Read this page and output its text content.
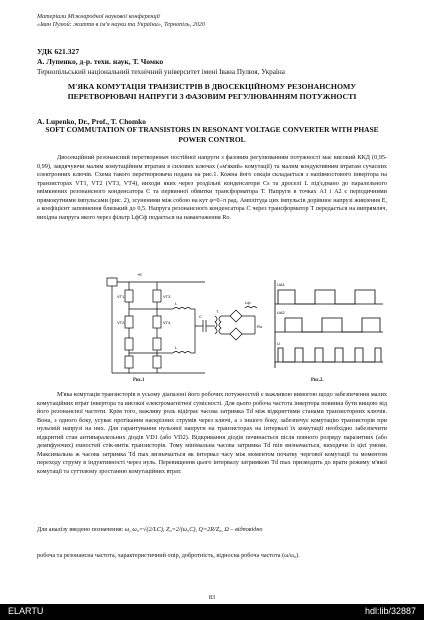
Матеріали Міжнародної наукової конференції
«Іван Пулюй: життя в ім'я науки та України», Тернопіль, 2020
УДК 621.327
А. Лупенко, д-р. техн. наук, Т. Чомко
Тернопільський національний технічний університет імені Івана Пулюя, Україна
М'ЯКА КОМУТАЦІЯ ТРАНЗИСТРІВ В ДВОСЕКЦІЙНОМУ РЕЗОНАНСНОМУ ПЕРЕТВОРЮВАЧІ НАПРУГИ З ФАЗОВИМ РЕГУЛЮВАННЯМ ПОТУЖНОСТІ
A. Lupenko, Dr., Prof., T. Chomko
SOFT COMMUTATION OF TRANSISTORS IN RESONANT VOLTAGE CONVERTER WITH PHASE POWER CONTROL
Двосекційний резонансний перетворювач постійної напруги з фазовим регулюванням потужності має високий ККД (0,95-0,99), завдячуючи малим комутаційним втратам в силових ключах («м'який» комутації) та малим кондуктивним втратам сучасних електронних ключів. Схема такого перетворювача подана на рис.1. Кожна його секція складається з напівмостового інвертора на транзисторах VT1, VT2 (VT3, VT4), виходи яких через роздільні конденсатори Cs та дроселі L під'єднано до паралельного ввімкнених резонансного конденсатора C та первинної обвитки трансформатора T. Напруги в точках A1 і A2 є періодичними прямокутними імпульсами (рис. 2), зсуненими між собою на кут φ=0÷π рад. Амплітуда цих імпульсів дорівнює напрузі живлення E, а коефіцієнт заповнення близький до 0,5. Напруга резонансного конденсатора C через трансформатор T передається на випрямляч, вихідна напруга якого через фільтр LфCф подається на навантаження Ro.
+E
VT1	VT3
VT2	VT4
L
L
C
T
Lф
Ro
UA1
UA2
U
Рис.1	Рис.2.
М'яка комутація транзисторів в усьому діапазоні його робочих потужностей є важливою вимогою щодо забезпечення малих комутаційних втрат інвертора та високої електромагнітної сумісності. Для цього робоча частота інвертора повинна бути вищою від його резонансної частоти. Крім того, важливу роль відіграє часова затримка Td між відкриттями станами транзисторних ключів. Вона, з одного боку, усуває протікання наскрізних струмів через ключі, а з іншого боку, забезпечує комутацію транзисторів при нульовій напрузі на них. Для гарантування нульової напруги на транзисторах на інтервалі їх комутації необхідно забезпечити відкритий стан антипаралельних діодів VD1 (або VD2). Відкривання діодів починається після повного розряду паразитних (або демпфуючих) ємностей стік-витік транзисторів. Тому мінімальна часова затримка Td min визначається, виходячи із цієї умови. Максимальна ж часова затримка Td max визначається як інтервал часу між моментом початку чергової комутації та моментом переходу струму в індуктивності через нуль. Перевищення цього інтервалу затримкою Td max призводить до врати режиму м'якої комутації та суттєвому зростанню комутаційних втрат.
Для аналізу введено позначення: ω, ω₀=√(2/LC), Z₀=2/(ω₀C), Q=2R/Z₀, Ω – відповідно
робоча та резонансна частота, характеристичний опір, добротність, відносна робоча частота (ω/ω₀).
83
ELARTU	hdl:lib/32887
